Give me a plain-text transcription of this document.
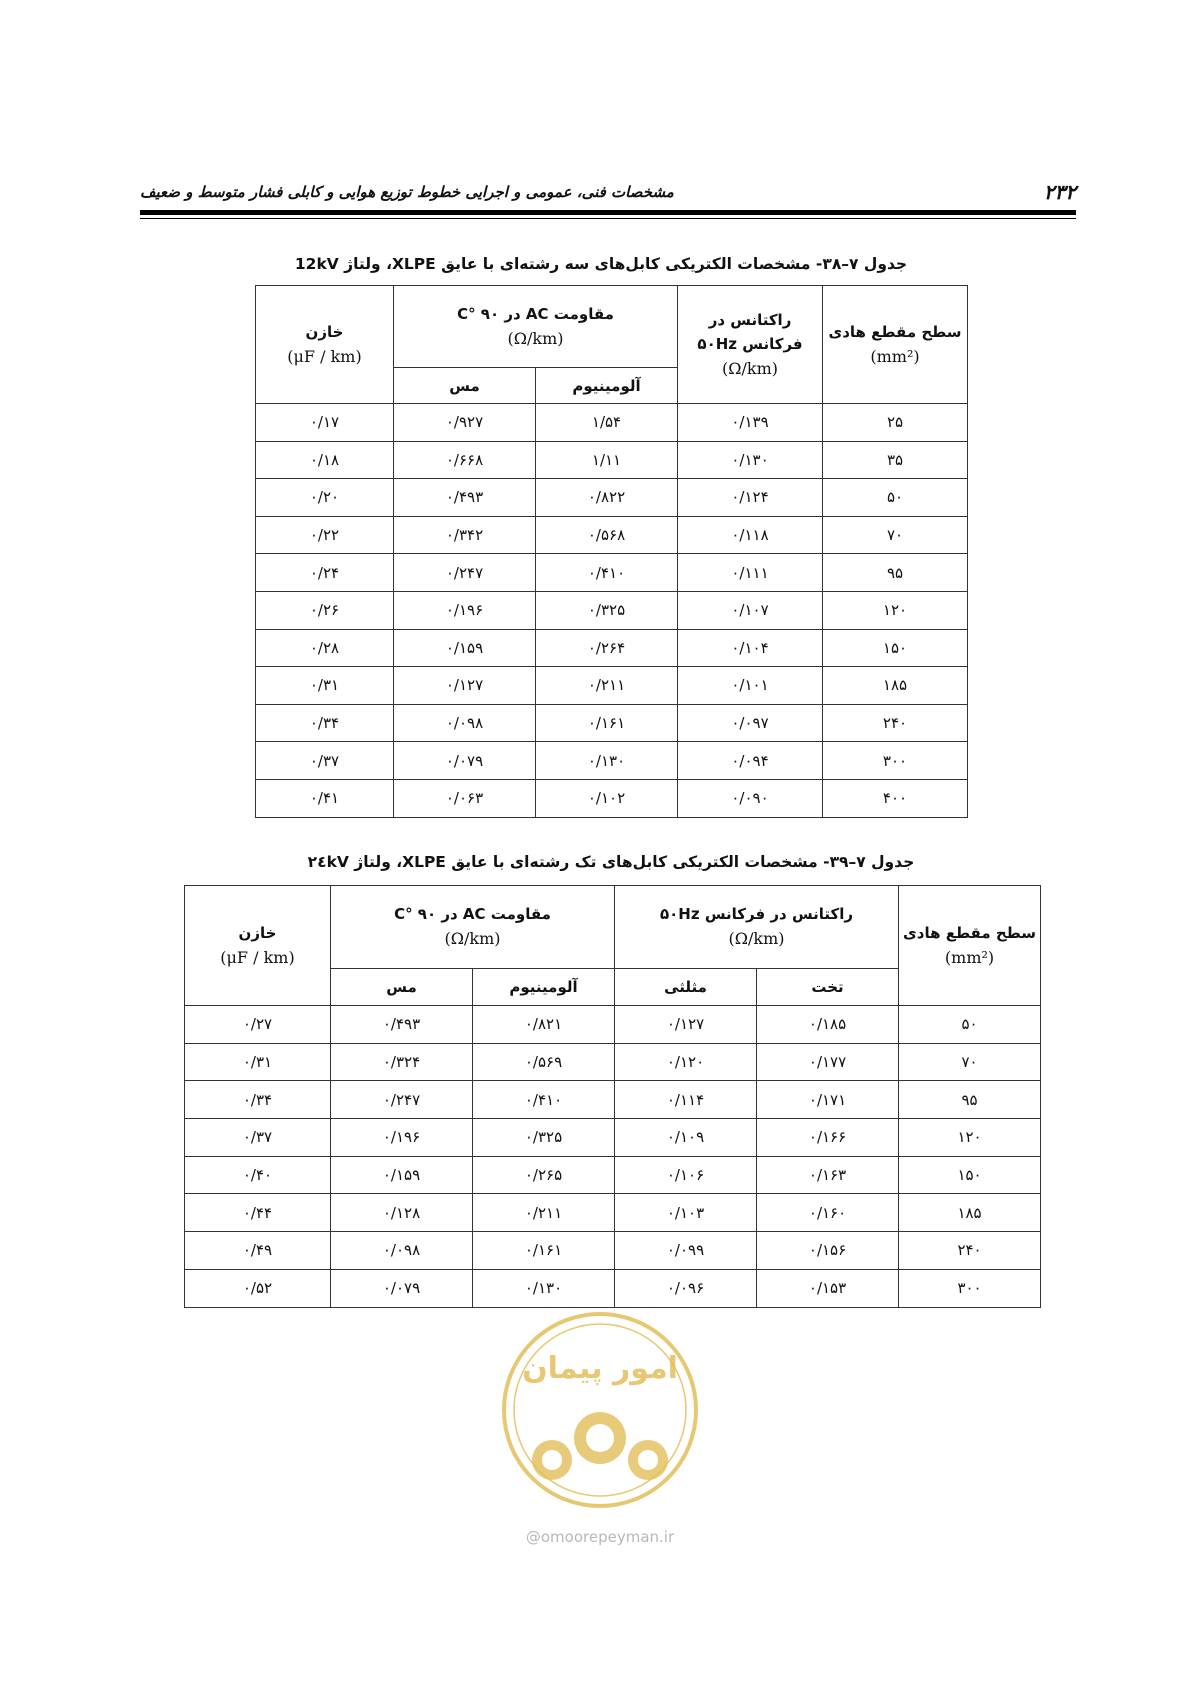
۲۳۲
مشخصات فنی، عمومی و اجرایی خطوط توزیع هوایی و کابلی فشار متوسط و ضعیف
جدول ۷–۳۸- مشخصات الکتریکی کابل‌های سه رشته‌ای با عایق XLPE، ولتاژ 12kV
سطح مقطع هادی
(mm²)	راکتانس در
فرکانس ۵۰Hz
(Ω/km)	مقاومت AC در C° ۹۰
(Ω/km)		خازن
(μF / km)

		آلومینیوم	مس	
۲۵	۰/۱۳۹	۱/۵۴	۰/۹۲۷	۰/۱۷
۳۵	۰/۱۳۰	۱/۱۱	۰/۶۶۸	۰/۱۸
۵۰	۰/۱۲۴	۰/۸۲۲	۰/۴۹۳	۰/۲۰
۷۰	۰/۱۱۸	۰/۵۶۸	۰/۳۴۲	۰/۲۲
۹۵	۰/۱۱۱	۰/۴۱۰	۰/۲۴۷	۰/۲۴
۱۲۰	۰/۱۰۷	۰/۳۲۵	۰/۱۹۶	۰/۲۶
۱۵۰	۰/۱۰۴	۰/۲۶۴	۰/۱۵۹	۰/۲۸
۱۸۵	۰/۱۰۱	۰/۲۱۱	۰/۱۲۷	۰/۳۱
۲۴۰	۰/۰۹۷	۰/۱۶۱	۰/۰۹۸	۰/۳۴
۳۰۰	۰/۰۹۴	۰/۱۳۰	۰/۰۷۹	۰/۳۷
۴۰۰	۰/۰۹۰	۰/۱۰۲	۰/۰۶۳	۰/۴۱
جدول ۷–۳۹- مشخصات الکتریکی کابل‌های تک رشته‌ای با عایق XLPE، ولتاژ ۲٤kV
سطح مقطع هادی
(mm²)	راکتانس در فرکانس ۵۰Hz
(Ω/km)		مقاومت AC در C° ۹۰
(Ω/km)		خازن
(μF / km)

	تخت	مثلثی	آلومینیوم	مس	
۵۰	۰/۱۸۵	۰/۱۲۷	۰/۸۲۱	۰/۴۹۳	۰/۲۷
۷۰	۰/۱۷۷	۰/۱۲۰	۰/۵۶۹	۰/۳۲۴	۰/۳۱
۹۵	۰/۱۷۱	۰/۱۱۴	۰/۴۱۰	۰/۲۴۷	۰/۳۴
۱۲۰	۰/۱۶۶	۰/۱۰۹	۰/۳۲۵	۰/۱۹۶	۰/۳۷
۱۵۰	۰/۱۶۳	۰/۱۰۶	۰/۲۶۵	۰/۱۵۹	۰/۴۰
۱۸۵	۰/۱۶۰	۰/۱۰۳	۰/۲۱۱	۰/۱۲۸	۰/۴۴
۲۴۰	۰/۱۵۶	۰/۰۹۹	۰/۱۶۱	۰/۰۹۸	۰/۴۹
۳۰۰	۰/۱۵۳	۰/۰۹۶	۰/۱۳۰	۰/۰۷۹	۰/۵۲
امور پیمان
@omoorepeyman.ir
